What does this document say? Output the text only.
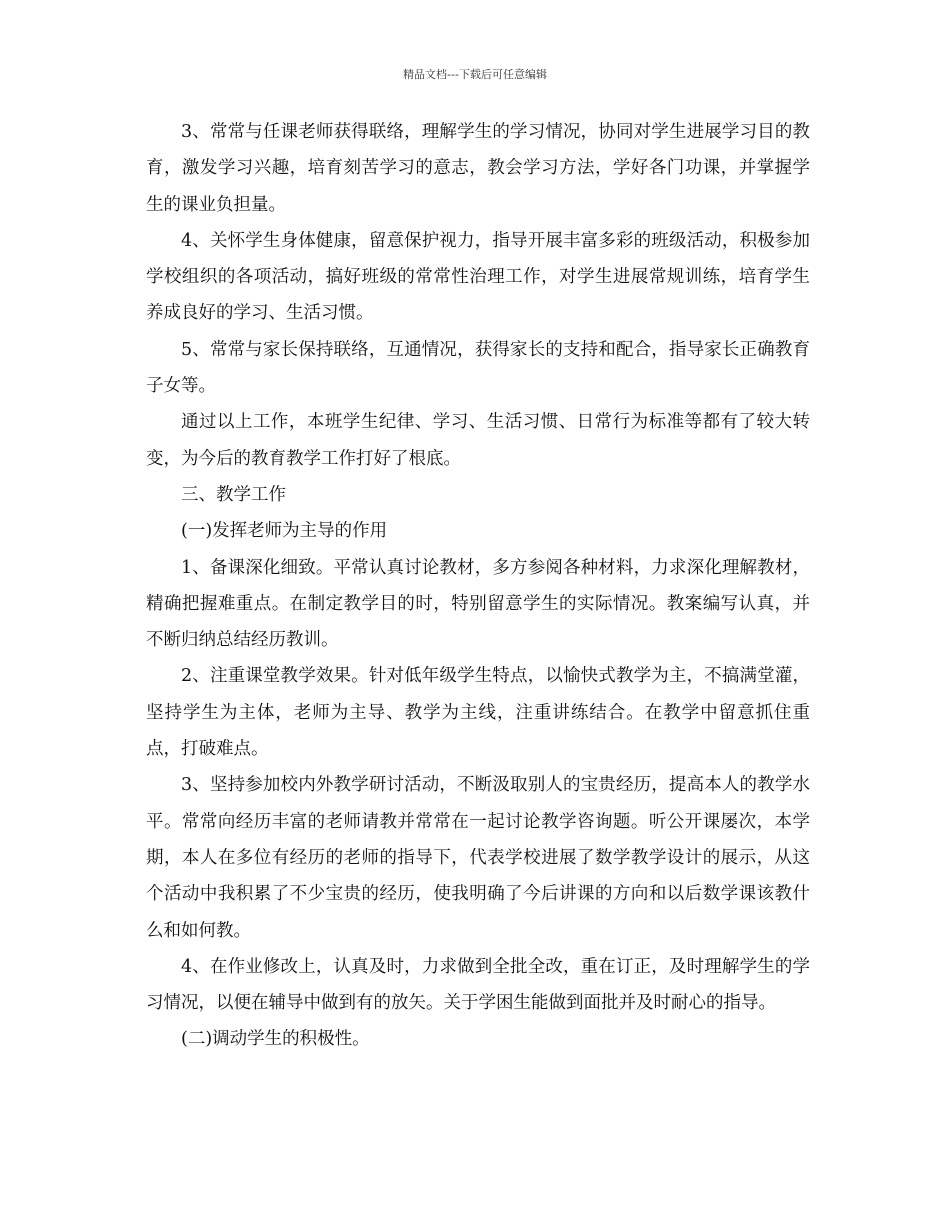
精品文档---下载后可任意编辑

3、常常与任课老师获得联络，理解学生的学习情况，协同对学生进展学习目的教育，激发学习兴趣，培育刻苦学习的意志，教会学习方法，学好各门功课，并掌握学生的课业负担量。

4、关怀学生身体健康，留意保护视力，指导开展丰富多彩的班级活动，积极参加学校组织的各项活动，搞好班级的常常性治理工作，对学生进展常规训练，培育学生养成良好的学习、生活习惯。

5、常常与家长保持联络，互通情况，获得家长的支持和配合，指导家长正确教育子女等。

通过以上工作，本班学生纪律、学习、生活习惯、日常行为标准等都有了较大转变，为今后的教育教学工作打好了根底。

三、教学工作

(一)发挥老师为主导的作用

1、备课深化细致。平常认真讨论教材，多方参阅各种材料，力求深化理解教材，精确把握难重点。在制定教学目的时，特别留意学生的实际情况。教案编写认真，并不断归纳总结经历教训。

2、注重课堂教学效果。针对低年级学生特点，以愉快式教学为主，不搞满堂灌，坚持学生为主体，老师为主导、教学为主线，注重讲练结合。在教学中留意抓住重点，打破难点。

3、坚持参加校内外教学研讨活动，不断汲取别人的宝贵经历，提高本人的教学水平。常常向经历丰富的老师请教并常常在一起讨论教学咨询题。听公开课屡次，本学期，本人在多位有经历的老师的指导下，代表学校进展了数学教学设计的展示，从这个活动中我积累了不少宝贵的经历，使我明确了今后讲课的方向和以后数学课该教什么和如何教。

4、在作业修改上，认真及时，力求做到全批全改，重在订正，及时理解学生的学习情况，以便在辅导中做到有的放矢。关于学困生能做到面批并及时耐心的指导。

(二)调动学生的积极性。
